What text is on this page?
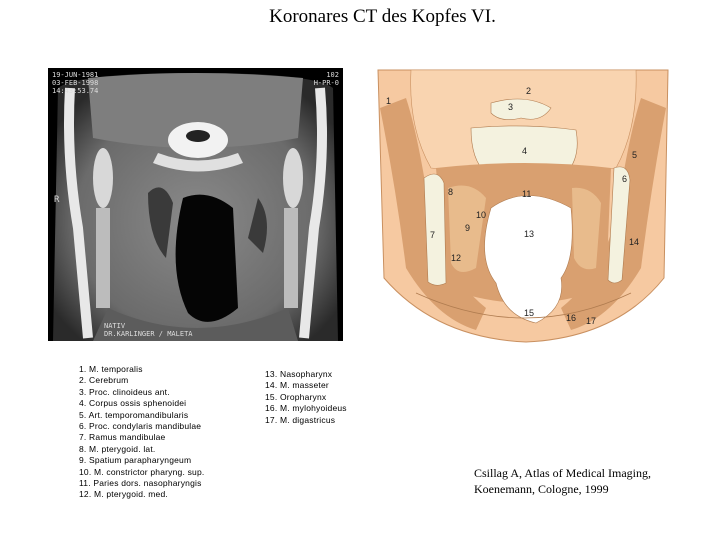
Koronares CT des Kopfes VI.
19-JUN-1981
03-FEB-1998
14:43:53.74
102
H-PR-0
R
NATIV
DR.KARLINGER / MALETA
1
2
3
4	5
6
7
8
9
10
11
12
13
14
15	16 17
1. M. temporalis
2. Cerebrum
3. Proc. clinoideus ant.
4. Corpus ossis sphenoidei
5. Art. temporomandibularis
6. Proc. condylaris mandibulae
7. Ramus mandibulae
8. M. pterygoid. lat.
9. Spatium parapharyngeum
10. M. constrictor pharyng. sup.
11. Paries dors. nasopharyngis
12. M. pterygoid. med.
13. Nasopharynx
14. M. masseter
15. Oropharynx
16. M. mylohyoideus
17. M. digastricus
Csillag A, Atlas of Medical Imaging,
Koenemann, Cologne, 1999
